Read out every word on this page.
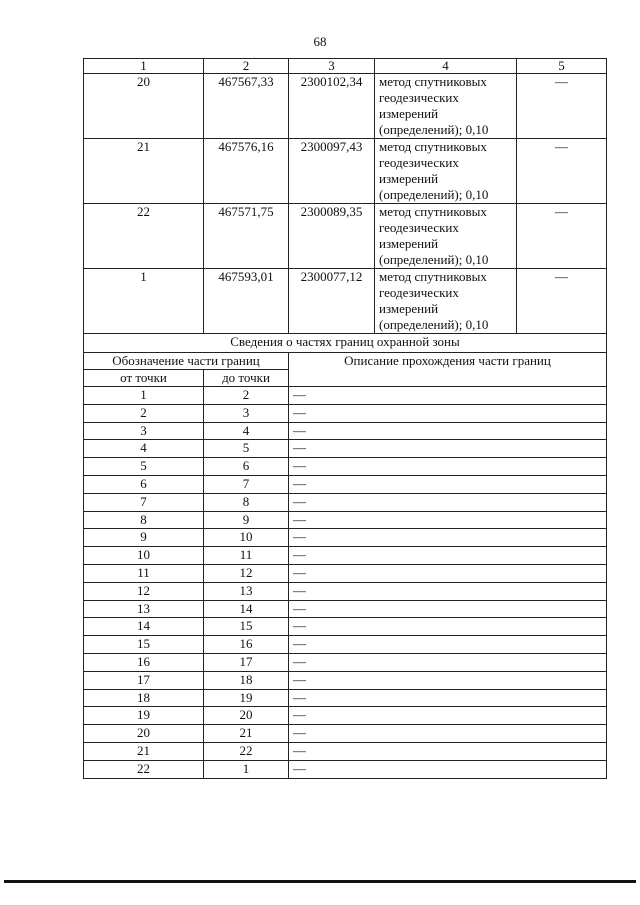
68
1	2	3	4	5
20	467567,33	2300102,34	метод спутниковых
геодезических
измерений
(определений); 0,10	—
21	467576,16	2300097,43	метод спутниковых
геодезических
измерений
(определений); 0,10	—
22	467571,75	2300089,35	метод спутниковых
геодезических
измерений
(определений); 0,10	—
1	467593,01	2300077,12	метод спутниковых
геодезических
измерений
(определений); 0,10	—
Сведения о частях границ охранной зоны				
Обозначение части границ		Описание прохождения части границ		
от точки	до точки			
1	2	—		
2	3	—		
3	4	—		
4	5	—		
5	6	—		
6	7	—		
7	8	—		
8	9	—		
9	10	—		
10	11	—		
11	12	—		
12	13	—		
13	14	—		
14	15	—		
15	16	—		
16	17	—		
17	18	—		
18	19	—		
19	20	—		
20	21	—		
21	22	—		
22	1	—		
